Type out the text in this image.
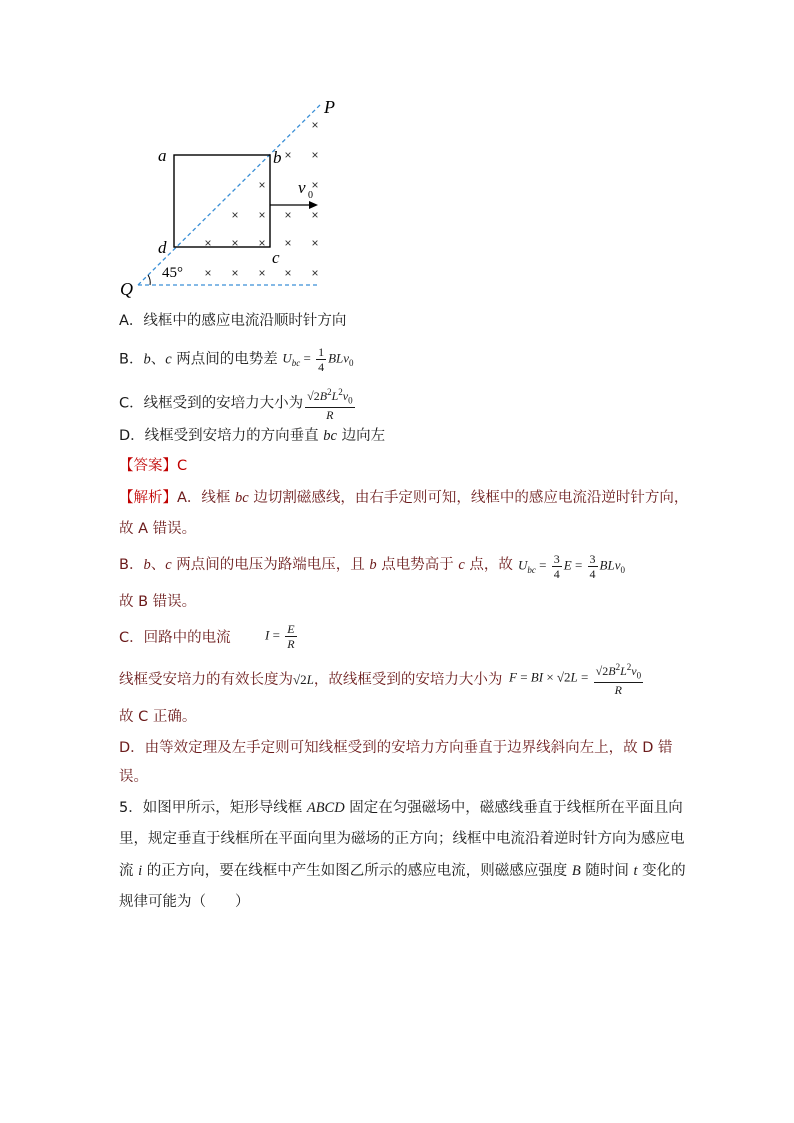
×
× ×
×	×
× × × ×
× × × × ×
× × × × ×
P
Q
a	b
c
d
v 0
45°
A．线框中的感应电流沿顺时针方向
B．b、c 两点间的电势差 $U_{bc} = \frac{1}{4} BLv_0$
C．线框受到的安培力大小为 $\frac{√2B^2L^2v_0}{R}$
D．线框受到安培力的方向垂直 bc 边向左
【答案】C
【解析】A．线框 bc 边切割磁感线，由右手定则可知，线框中的感应电流沿逆时针方向，
故 A 错误。
B．b、c 两点间的电压为路端电压，且 b 点电势高于 c 点，故 $U_{bc} = \frac{3}{4}$ $E = \frac{3}{4} BLv_0$
故 B 错误。
C．回路中的电流	$I = \frac{E}{R}$
线框受安培力的有效长度为√2L，故线框受到的安培力大小为 F = BI × $√2L = \frac{√2B^2L^2v_0}{R}$
故 C 正确。
D．由等效定理及左手定则可知线框受到的安培力方向垂直于边界线斜向左上，故 D 错
误。
5．如图甲所示，矩形导线框 ABCD 固定在匀强磁场中，磁感线垂直于线框所在平面且向
里，规定垂直于线框所在平面向里为磁场的正方向；线框中电流沿着逆时针方向为感应电
流 i 的正方向，要在线框中产生如图乙所示的感应电流，则磁感应强度 B 随时间 t 变化的
规律可能为（　　）
